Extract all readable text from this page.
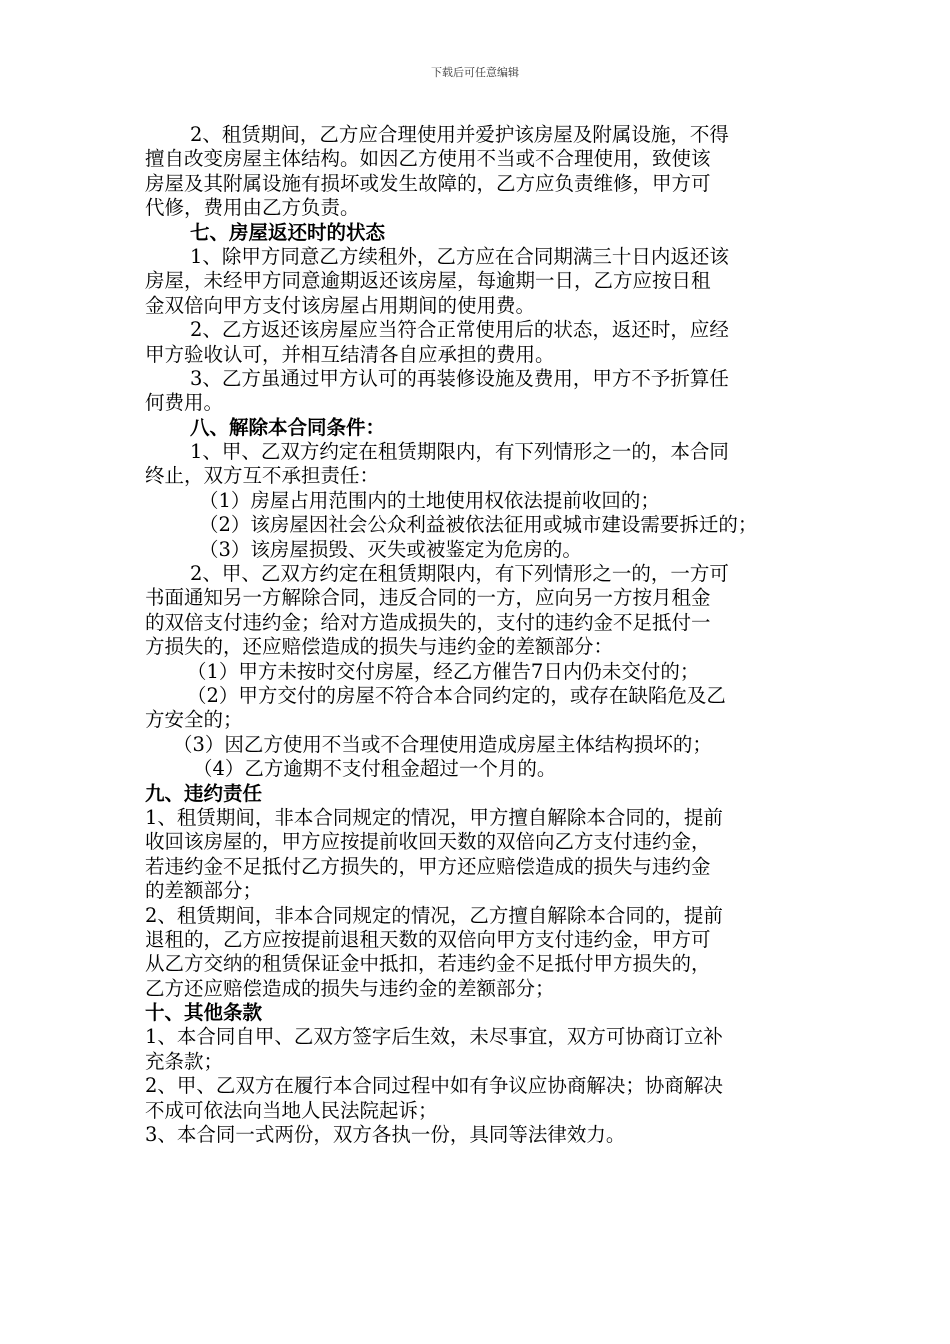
下载后可任意编辑
2、租赁期间，乙方应合理使用并爱护该房屋及附属设施，不得
擅自改变房屋主体结构。如因乙方使用不当或不合理使用，致使该
房屋及其附属设施有损坏或发生故障的，乙方应负责维修，甲方可
代修，费用由乙方负责。
七、房屋返还时的状态
1、除甲方同意乙方续租外，乙方应在合同期满三十日内返还该
房屋，未经甲方同意逾期返还该房屋，每逾期一日，乙方应按日租
金双倍向甲方支付该房屋占用期间的使用费。
2、乙方返还该房屋应当符合正常使用后的状态，返还时，应经
甲方验收认可，并相互结清各自应承担的费用。
3、乙方虽通过甲方认可的再装修设施及费用，甲方不予折算任
何费用。
八、解除本合同条件：
1、甲、乙双方约定在租赁期限内，有下列情形之一的，本合同
终止，双方互不承担责任：
（1）房屋占用范围内的土地使用权依法提前收回的；
（2）该房屋因社会公众利益被依法征用或城市建设需要拆迁的；
（3）该房屋损毁、灭失或被鉴定为危房的。
2、甲、乙双方约定在租赁期限内，有下列情形之一的，一方可
书面通知另一方解除合同，违反合同的一方，应向另一方按月租金
的双倍支付违约金；给对方造成损失的，支付的违约金不足抵付一
方损失的，还应赔偿造成的损失与违约金的差额部分：
（1）甲方未按时交付房屋，经乙方催告7日内仍未交付的；
（2）甲方交付的房屋不符合本合同约定的，或存在缺陷危及乙
方安全的；
（3）因乙方使用不当或不合理使用造成房屋主体结构损坏的；
（4）乙方逾期不支付租金超过一个月的。
九、违约责任
1、租赁期间，非本合同规定的情况，甲方擅自解除本合同的，提前
收回该房屋的，甲方应按提前收回天数的双倍向乙方支付违约金，
若违约金不足抵付乙方损失的，甲方还应赔偿造成的损失与违约金
的差额部分；
2、租赁期间，非本合同规定的情况，乙方擅自解除本合同的，提前
退租的，乙方应按提前退租天数的双倍向甲方支付违约金，甲方可
从乙方交纳的租赁保证金中抵扣，若违约金不足抵付甲方损失的，
乙方还应赔偿造成的损失与违约金的差额部分；
十、其他条款
1、本合同自甲、乙双方签字后生效，未尽事宜，双方可协商订立补
充条款；
2、甲、乙双方在履行本合同过程中如有争议应协商解决；协商解决
不成可依法向当地人民法院起诉；
3、本合同一式两份，双方各执一份，具同等法律效力。
